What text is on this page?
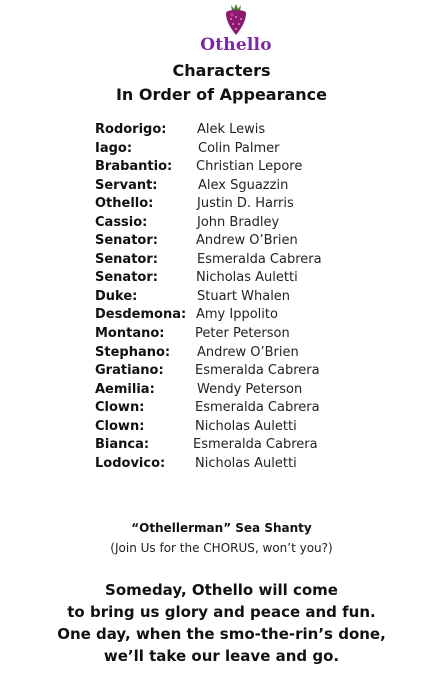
Othello
Characters
In Order of Appearance
Rodorigo: Alek Lewis
Iago:	Colin Palmer
Brabantio: Christian Lepore
Servant:	Alex Sguazzin
Othello:	Justin D. Harris
Cassio:	John Bradley
Senator:	Andrew O’Brien
Senator:	Esmeralda Cabrera
Senator:	Nicholas Auletti
Duke:	Stuart Whalen
Desdemona: Amy Ippolito
Montano: Peter Peterson
Stephano: Andrew O’Brien
Gratiano: Esmeralda Cabrera
Aemilia:	Wendy Peterson
Clown:	Esmeralda Cabrera
Clown:	Nicholas Auletti
Bianca:	Esmeralda Cabrera
Lodovico: Nicholas Auletti
“Othellerman” Sea Shanty
(Join Us for the CHORUS, won’t you?)
Someday, Othello will come
to bring us glory and peace and fun.
One day, when the smo-the-rin’s done,
we’ll take our leave and go.
